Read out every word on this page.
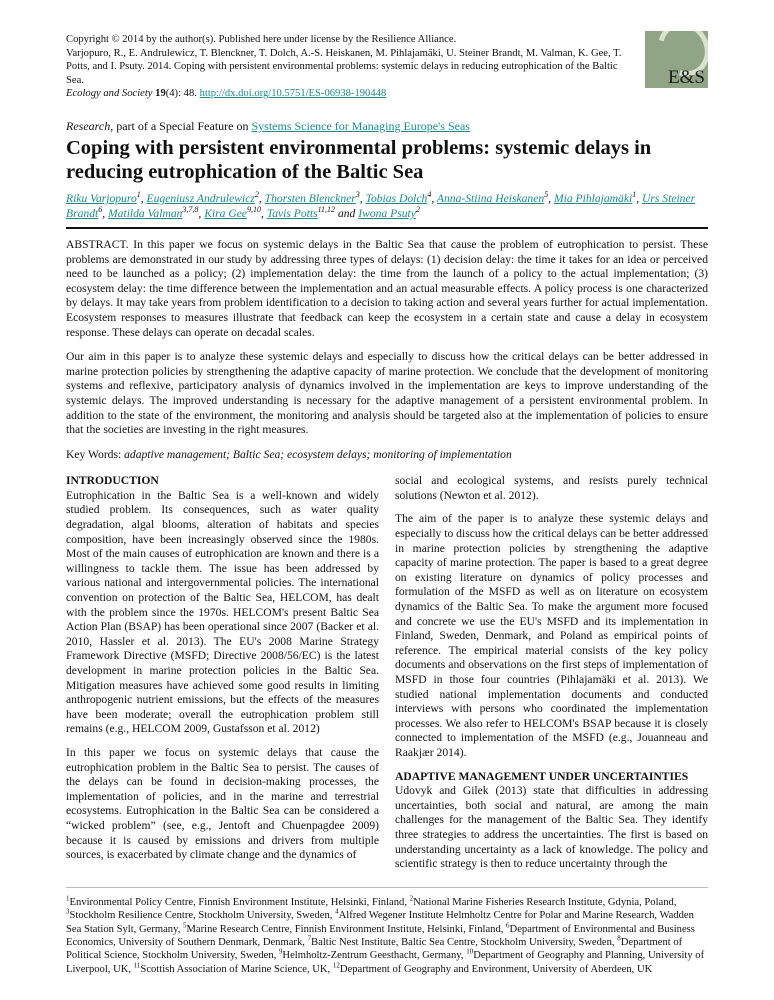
Copyright © 2014 by the author(s). Published here under license by the Resilience Alliance.
Varjopuro, R., E. Andrulewicz, T. Blenckner, T. Dolch, A.-S. Heiskanen, M. Pihlajamäki, U. Steiner Brandt, M. Valman, K. Gee, T. Potts, and I. Psuty. 2014. Coping with persistent environmental problems: systemic delays in reducing eutrophication of the Baltic Sea.
Ecology and Society 19(4): 48. http://dx.doi.org/10.5751/ES-06938-190448
E&S
Research, part of a Special Feature on Systems Science for Managing Europe's Seas
Coping with persistent environmental problems: systemic delays in reducing eutrophication of the Baltic Sea
Riku Varjopuro$^1$, Eugeniusz Andrulewicz$^2$, Thorsten Blenckner$^3$, Tobias Dolch$^4$, Anna-Stiina Heiskanen$^5$, Mia Pihlajamäki$^1$, Urs Steiner Brandt$^6$, Matilda Valman$^{3,7,8}$, Kira Gee$^{9,10}$, Tavis Potts$^{11,12}$ and Iwona Psuty$^2$

ABSTRACT. In this paper we focus on systemic delays in the Baltic Sea that cause the problem of eutrophication to persist. These problems are demonstrated in our study by addressing three types of delays: (1) decision delay: the time it takes for an idea or perceived need to be launched as a policy; (2) implementation delay: the time from the launch of a policy to the actual implementation; (3) ecosystem delay: the time difference between the implementation and an actual measurable effects. A policy process is one characterized by delays. It may take years from problem identification to a decision to taking action and several years further for actual implementation. Ecosystem responses to measures illustrate that feedback can keep the ecosystem in a certain state and cause a delay in ecosystem response. These delays can operate on decadal scales.

Our aim in this paper is to analyze these systemic delays and especially to discuss how the critical delays can be better addressed in marine protection policies by strengthening the adaptive capacity of marine protection. We conclude that the development of monitoring systems and reflexive, participatory analysis of dynamics involved in the implementation are keys to improve understanding of the systemic delays. The improved understanding is necessary for the adaptive management of a persistent environmental problem. In addition to the state of the environment, the monitoring and analysis should be targeted also at the implementation of policies to ensure that the societies are investing in the right measures.

Key Words: adaptive management; Baltic Sea; ecosystem delays; monitoring of implementation

INTRODUCTION

Eutrophication in the Baltic Sea is a well-known and widely studied problem. Its consequences, such as water quality degradation, algal blooms, alteration of habitats and species composition, have been increasingly observed since the 1980s. Most of the main causes of eutrophication are known and there is a willingness to tackle them. The issue has been addressed by various national and intergovernmental policies. The international convention on protection of the Baltic Sea, HELCOM, has dealt with the problem since the 1970s. HELCOM's present Baltic Sea Action Plan (BSAP) has been operational since 2007 (Backer et al. 2010, Hassler et al. 2013). The EU's 2008 Marine Strategy Framework Directive (MSFD; Directive 2008/56/EC) is the latest development in marine protection policies in the Baltic Sea. Mitigation measures have achieved some good results in limiting anthropogenic nutrient emissions, but the effects of the measures have been moderate; overall the eutrophication problem still remains (e.g., HELCOM 2009, Gustafsson et al. 2012)

In this paper we focus on systemic delays that cause the eutrophication problem in the Baltic Sea to persist. The causes of the delays can be found in decision-making processes, the implementation of policies, and in the marine and terrestrial ecosystems. Eutrophication in the Baltic Sea can be considered a “wicked problem” (see, e.g., Jentoft and Chuenpagdee 2009) because it is caused by emissions and drivers from multiple sources, is exacerbated by climate change and the dynamics of

social and ecological systems, and resists purely technical solutions (Newton et al. 2012).

The aim of the paper is to analyze these systemic delays and especially to discuss how the critical delays can be better addressed in marine protection policies by strengthening the adaptive capacity of marine protection. The paper is based to a great degree on existing literature on dynamics of policy processes and formulation of the MSFD as well as on literature on ecosystem dynamics of the Baltic Sea. To make the argument more focused and concrete we use the EU's MSFD and its implementation in Finland, Sweden, Denmark, and Poland as empirical points of reference. The empirical material consists of the key policy documents and observations on the first steps of implementation of MSFD in those four countries (Pihlajamäki et al. 2013). We studied national implementation documents and conducted interviews with persons who coordinated the implementation processes. We also refer to HELCOM's BSAP because it is closely connected to implementation of the MSFD (e.g., Jouanneau and Raakjær 2014).

ADAPTIVE MANAGEMENT UNDER UNCERTAINTIES

Udovyk and Gilek (2013) state that difficulties in addressing uncertainties, both social and natural, are among the main challenges for the management of the Baltic Sea. They identify three strategies to address the uncertainties. The first is based on understanding uncertainty as a lack of knowledge. The policy and scientific strategy is then to reduce uncertainty through the

$^1$Environmental Policy Centre, Finnish Environment Institute, Helsinki, Finland, $^2$National Marine Fisheries Research Institute, Gdynia, Poland, $^3$Stockholm Resilience Centre, Stockholm University, Sweden, $^4$Alfred Wegener Institute Helmholtz Centre for Polar and Marine Research, Wadden Sea Station Sylt, Germany, $^5$Marine Research Centre, Finnish Environment Institute, Helsinki, Finland, $^6$Department of Environmental and Business Economics, University of Southern Denmark, Denmark, $^7$Baltic Nest Institute, Baltic Sea Centre, Stockholm University, Sweden, $^8$Department of Political Science, Stockholm University, Sweden, $^9$Helmholtz-Zentrum Geesthacht, Germany, $^{10}$Department of Geography and Planning, University of Liverpool, UK, $^{11}$Scottish Association of Marine Science, UK, $^{12}$Department of Geography and Environment, University of Aberdeen, UK
